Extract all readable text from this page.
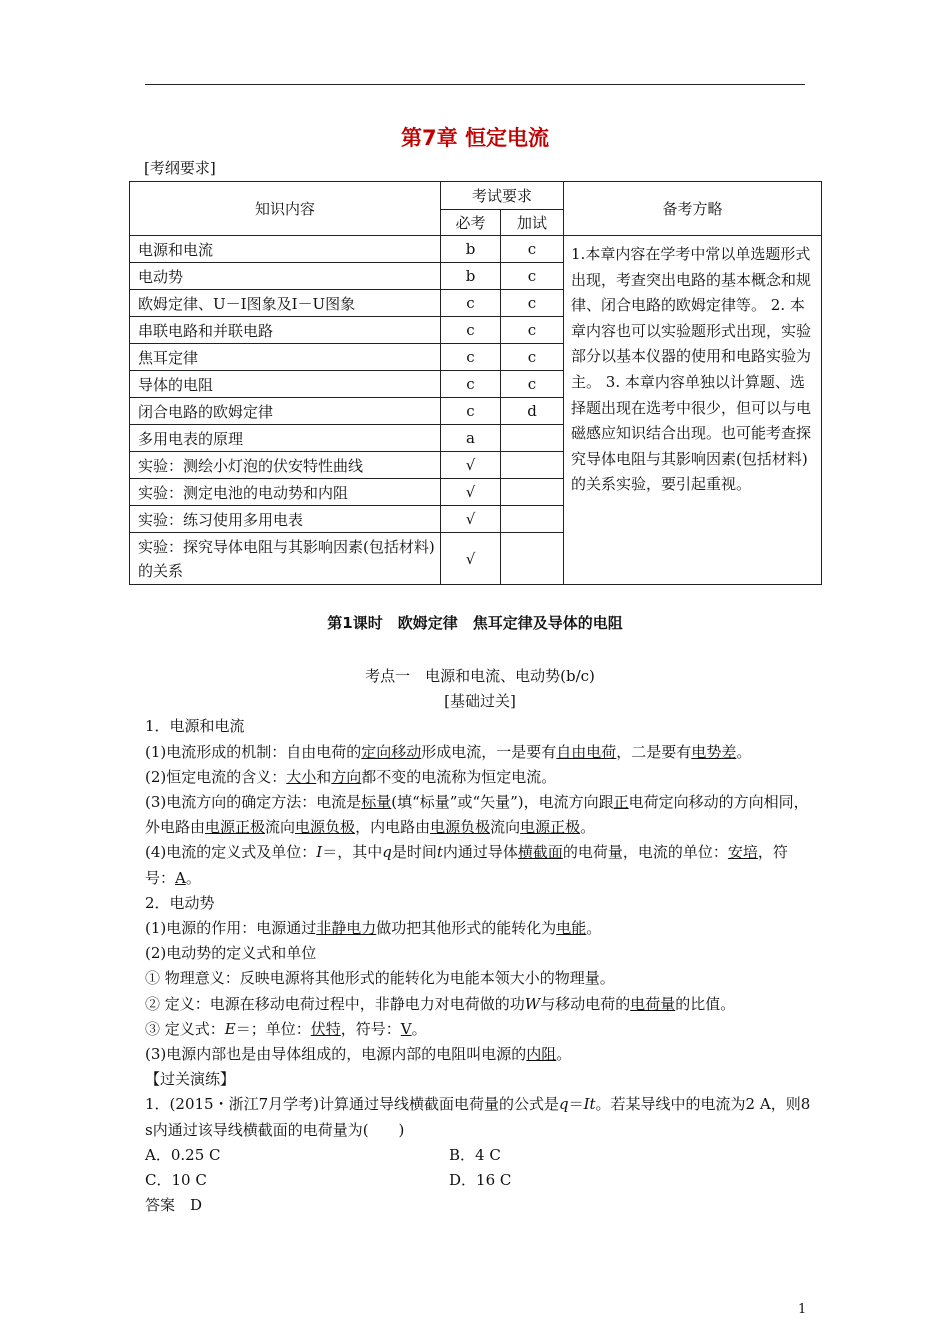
第7章 恒定电流
[考纲要求]
知识内容	考试要求		备考方略
	必考	加试	
电源和电流	b	c	1.本章内容在学考中常以单选题形式出现，考查突出电路的基本概念和规律、闭合电路的欧姆定律等。 2. 本章内容也可以实验题形式出现，实验部分以基本仪器的使用和电路实验为主。 3. 本章内容单独以计算题、选择题出现在选考中很少，但可以与电磁感应知识结合出现。也可能考查探究导体电阻与其影响因素(包括材料)的关系实验，要引起重视。
电动势	b	c	
欧姆定律、U－I图象及I－U图象	c	c	
串联电路和并联电路	c	c	
焦耳定律	c	c	
导体的电阻	c	c	
闭合电路的欧姆定律	c	d	
多用电表的原理	a		
实验：测绘小灯泡的伏安特性曲线	√		
实验：测定电池的电动势和内阻	√		
实验：练习使用多用电表	√		
实验：探究导体电阻与其影响因素(包括材料)的关系	√		
第1课时　欧姆定律　焦耳定律及导体的电阻

考点一　电源和电流、电动势(b/c)

[基础过关]

1．电源和电流

(1)电流形成的机制：自由电荷的定向移动形成电流，一是要有自由电荷，二是要有电势差。

(2)恒定电流的含义：大小和方向都不变的电流称为恒定电流。

(3)电流方向的确定方法：电流是标量(填“标量”或“矢量”)，电流方向跟正电荷定向移动的方向相同，外电路由电源正极流向电源负极，内电路由电源负极流向电源正极。

(4)电流的定义式及单位：I＝，其中q是时间t内通过导体横截面的电荷量，电流的单位：安培，符号：A。

2．电动势

(1)电源的作用：电源通过非静电力做功把其他形式的能转化为电能。

(2)电动势的定义式和单位

① 物理意义：反映电源将其他形式的能转化为电能本领大小的物理量。

② 定义：电源在移动电荷过程中，非静电力对电荷做的功W与移动电荷的电荷量的比值。

③ 定义式：E＝；单位：伏特，符号：V。

(3)电源内部也是由导体组成的，电源内部的电阻叫电源的内阻。

【过关演练】

1．(2015・浙江7月学考)计算通过导线横截面电荷量的公式是q＝It。若某导线中的电流为2 A，则8 s内通过该导线横截面的电荷量为(　　)

A．0.25 C	B．4 C
C．10 C	D．16 C

答案　D

1
